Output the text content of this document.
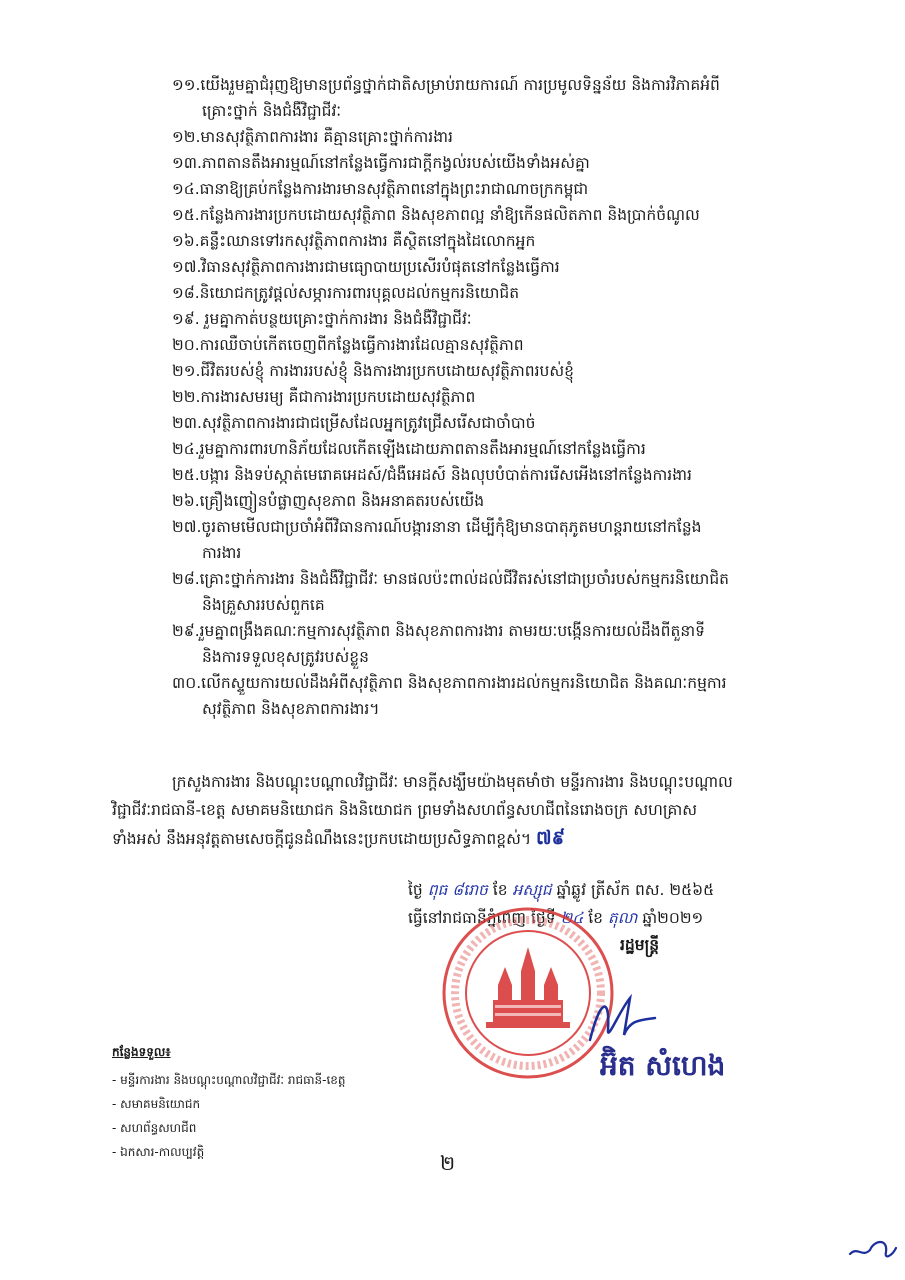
១១.យើងរួមគ្នាជំរុញឱ្យមានប្រព័ន្ធថ្នាក់ជាតិសម្រាប់រាយការណ៍ ការប្រមូលទិន្នន័យ និងការវិភាគអំពី
គ្រោះថ្នាក់ និងជំងឺវិជ្ជាជីវៈ
១២.មានសុវត្ថិភាពការងារ គឺគ្មានគ្រោះថ្នាក់ការងារ
១៣.ភាពតានតឹងអារម្មណ៍នៅកន្លែងធ្វើការជាក្ដីកង្វល់របស់យើងទាំងអស់គ្នា
១៤.ធានាឱ្យគ្រប់កន្លែងការងារមានសុវត្ថិភាពនៅក្នុងព្រះរាជាណាចក្រកម្ពុជា
១៥.កន្លែងការងារប្រកបដោយសុវត្ថិភាព និងសុខភាពល្អ នាំឱ្យកើនផលិតភាព និងប្រាក់ចំណូល
១៦.គន្លឹះឈានទៅរកសុវត្ថិភាពការងារ គឺស្ថិតនៅក្នុងដៃលោកអ្នក
១៧.វិធានសុវត្ថិភាពការងារជាមធ្យោបាយប្រសើរបំផុតនៅកន្លែងធ្វើការ
១៨.និយោជកត្រូវផ្ដល់សម្ភារការពារបុគ្គលដល់កម្មករនិយោជិត
១៩. រួមគ្នាកាត់បន្ថយគ្រោះថ្នាក់ការងារ និងជំងឺវិជ្ជាជីវៈ
២០.ការឈឺចាប់កើតចេញពីកន្លែងធ្វើការងារដែលគ្មានសុវត្ថិភាព
២១.ជីវិតរបស់ខ្ញុំ ការងាររបស់ខ្ញុំ និងការងារប្រកបដោយសុវត្ថិភាពរបស់ខ្ញុំ
២២.ការងារសមរម្យ គឺជាការងារប្រកបដោយសុវត្ថិភាព
២៣.សុវត្ថិភាពការងារជាជម្រើសដែលអ្នកត្រូវជ្រើសរើសជាចាំបាច់
២៤.រួមគ្នាការពារហានិភ័យដែលកើតឡើងដោយភាពតានតឹងអារម្មណ៍នៅកន្លែងធ្វើការ
២៥.បង្ការ និងទប់ស្កាត់មេរោគអេដស៍/ជំងឺអេដស៍ និងលុបបំបាត់ការរើសអើងនៅកន្លែងការងារ
២៦.គ្រឿងញៀនបំផ្លាញសុខភាព និងអនាគតរបស់យើង
២៧.ចូរតាមមើលជាប្រចាំអំពីវិធានការណ៍បង្ការនានា ដើម្បីកុំឱ្យមានបាតុភូតមហន្តរាយនៅកន្លែង
ការងារ
២៨.គ្រោះថ្នាក់ការងារ និងជំងឺវិជ្ជាជីវៈ មានផលប៉ះពាល់ដល់ជីវិតរស់នៅជាប្រចាំរបស់កម្មករនិយោជិត
និងគ្រួសាររបស់ពួកគេ
២៩.រួមគ្នាពង្រឹងគណៈកម្មការសុវត្ថិភាព និងសុខភាពការងារ តាមរយៈបង្កើនការយល់ដឹងពីតួនាទី
និងការទទួលខុសត្រូវរបស់ខ្លួន
៣០.លើកស្ទួយការយល់ដឹងអំពីសុវត្ថិភាព និងសុខភាពការងារដល់កម្មករនិយោជិត និងគណៈកម្មការ
សុវត្ថិភាព និងសុខភាពការងារ។
ក្រសួងការងារ និងបណ្ដុះបណ្ដាលវិជ្ជាជីវៈ មានក្ដីសង្ឃឹមយ៉ាងមុតមាំថា មន្ទីរការងារ និងបណ្ដុះបណ្ដាល
វិជ្ជាជីវៈរាជធានី-ខេត្ត សមាគមនិយោជក និងនិយោជក ព្រមទាំងសហព័ន្ធសហជីពនៃរោងចក្រ សហគ្រាស
ទាំងអស់ នឹងអនុវត្តតាមសេចក្ដីជូនដំណឹងនេះប្រកបដោយប្រសិទ្ធភាពខ្ពស់។ ៧៩
ថ្ងៃ ពុធ ៨រោច ខែ អស្សុជ ឆ្នាំឆ្លូវ ត្រីស័ក ពស. ២៥៦៥
ធ្វើនៅរាជធានីភ្នំពេញ ថ្ងៃទី ២៤ ខែ តុលា ឆ្នាំ២០២១
រដ្ឋមន្ត្រី
អ៊ិត សំហេង
កន្លែងទទួល៖
- មន្ទីរការងារ និងបណ្ដុះបណ្ដាលវិជ្ជាជីវៈ រាជធានី-ខេត្ត
- សមាគមនិយោជក
- សហព័ន្ធសហជីព
- ឯកសារ-កាលប្បវត្តិ	២
